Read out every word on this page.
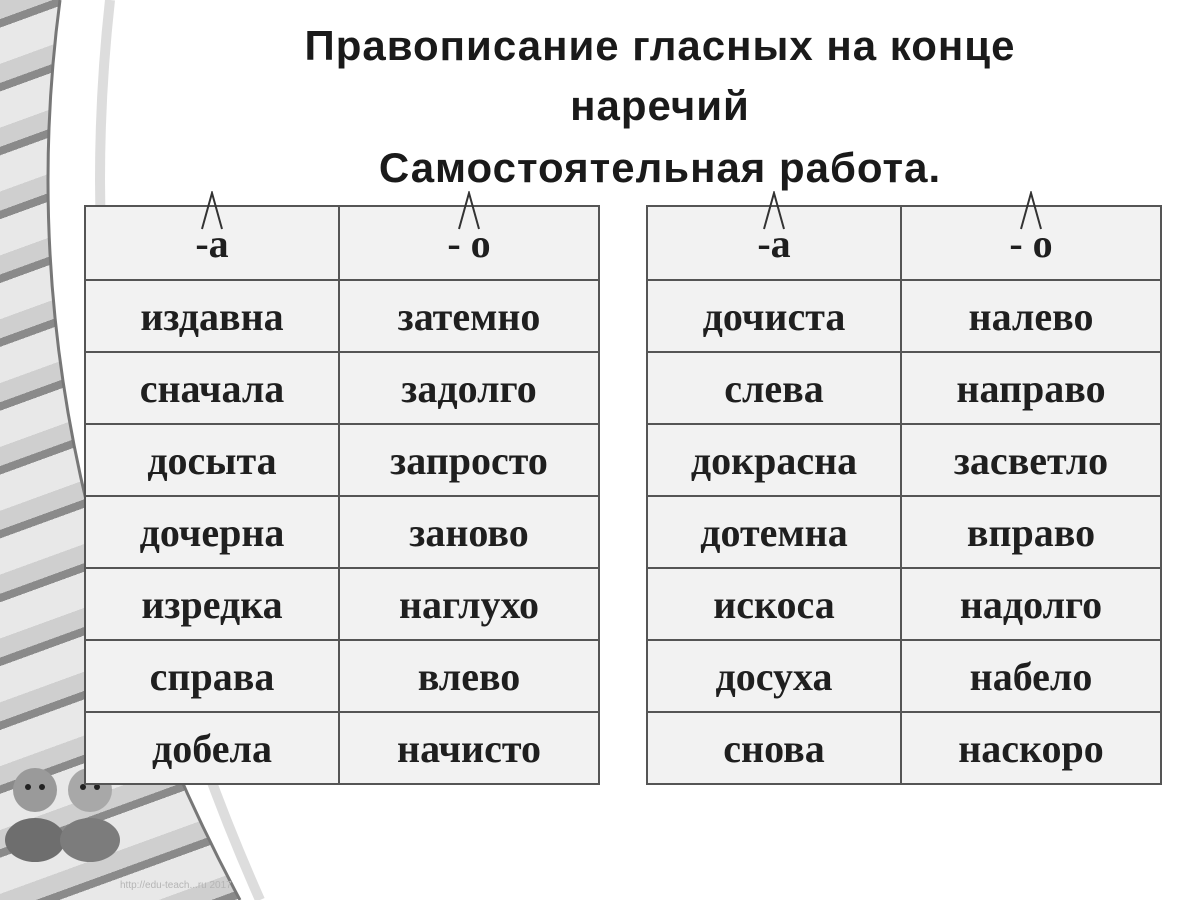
Правописание гласных на конце
наречий
Самостоятельная работа.
-а	- о
издавна	затемно
сначала	задолго
досыта	запросто
дочерна	заново
изредка	наглухо
справа	влево
добела	начисто
-а	- о
дочиста	налево
слева	направо
докрасна	засветло
дотемна	вправо
искоса	надолго
досуха	набело
снова	наскоро
http://edu-teach...ru 2017
